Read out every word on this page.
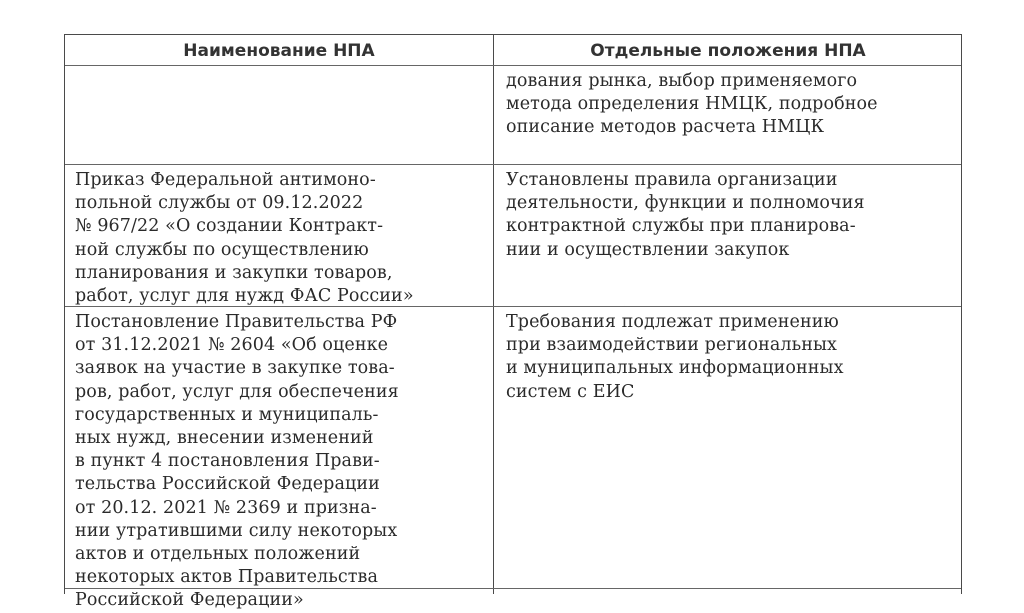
Наименование НПА	Отдельные положения НПА
дования рынка, выбор применяемого
метода определения НМЦК, подробное
описание методов расчета НМЦК
Приказ Федеральной антимоно-
польной службы от 09.12.2022
№ 967/22 «О создании Контракт-
ной службы по осуществлению
планирования и закупки товаров,
работ, услуг для нужд ФАС России»
Установлены правила организации
деятельности, функции и полномочия
контрактной службы при планирова-
нии и осуществлении закупок
Постановление Правительства РФ
от 31.12.2021 № 2604 «Об оценке
заявок на участие в закупке това-
ров, работ, услуг для обеспечения
государственных и муниципаль-
ных нужд, внесении изменений
в пункт 4 постановления Прави-
тельства Российской Федерации
от 20.12. 2021 № 2369 и призна-
нии утратившими силу некоторых
актов и отдельных положений
некоторых актов Правительства
Российской Федерации»
Требования подлежат применению
при взаимодействии региональных
и муниципальных информационных
систем с ЕИС
